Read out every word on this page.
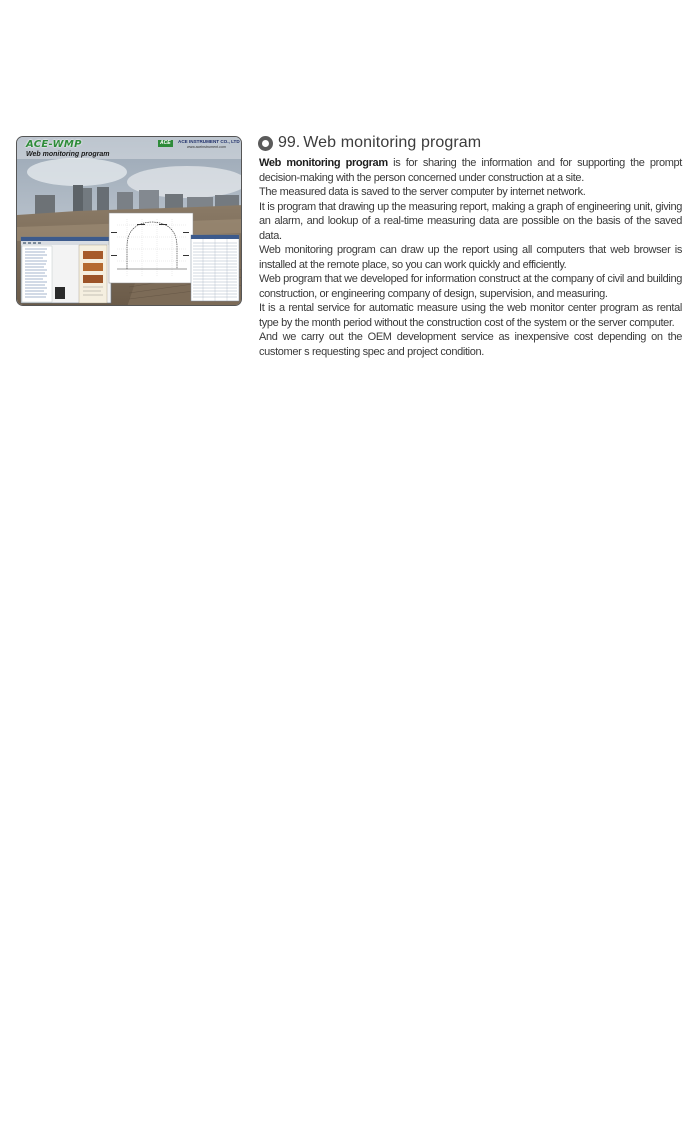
ACE-WMP
Web monitoring program
ACE	ACE INSTRUMENT CO., LTD
www.aceinstrument.com	99. Web monitoring program

Web monitoring program is for sharing the information and for supporting the prompt decision-making with the person concerned under construction at a site.

The measured data is saved to the server computer by internet network.

It is program that drawing up the measuring report, making a graph of engineering unit, giving an alarm, and lookup of a real-time measuring data are possible on the basis of the saved data.

Web monitoring program can draw up the report using all computers that web browser is installed at the remote place, so you can work quickly and efficiently.

Web program that we developed for information construct at the company of civil and building construction, or engineering company of design, supervision, and measuring.

It is a rental service for automatic measure using the web monitor center program as rental type by the month period without the construction cost of the system or the server computer.

And we carry out the OEM development service as inexpensive cost depending on the customer s requesting spec and project condition.
